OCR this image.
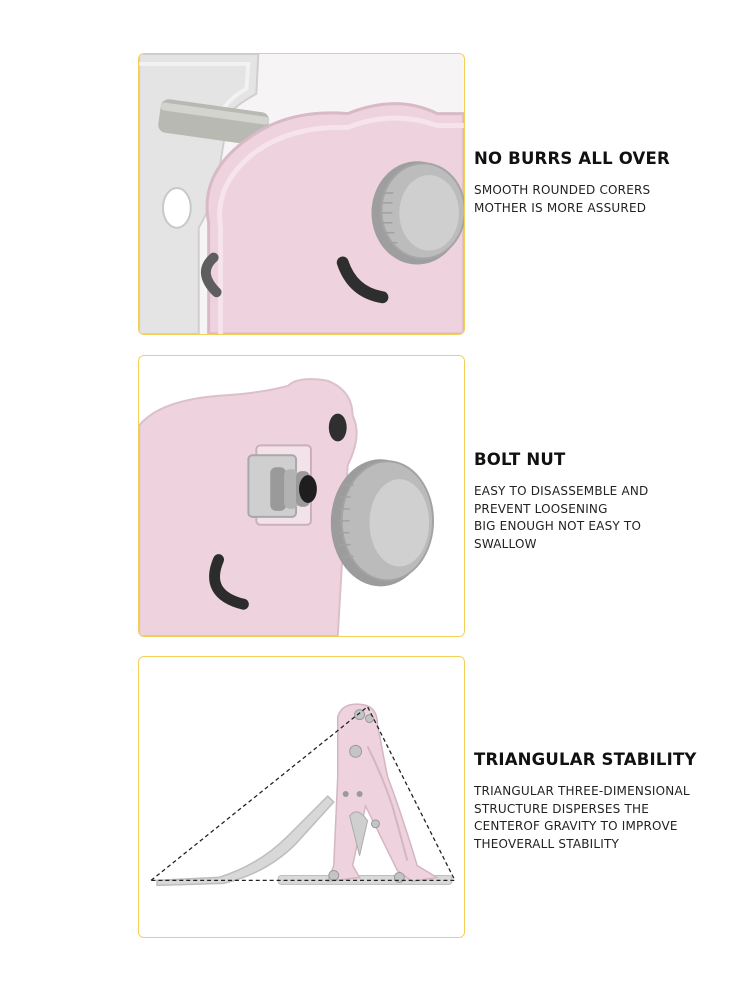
NO BURRS ALL OVER
SMOOTH ROUNDED CORERS
MOTHER IS MORE ASSURED
BOLT NUT
EASY TO DISASSEMBLE AND
PREVENT LOOSENING
BIG ENOUGH NOT EASY TO
SWALLOW
TRIANGULAR STABILITY
TRIANGULAR THREE-DIMENSIONAL
STRUCTURE DISPERSES THE
CENTEROF GRAVITY TO IMPROVE
THEOVERALL STABILITY
